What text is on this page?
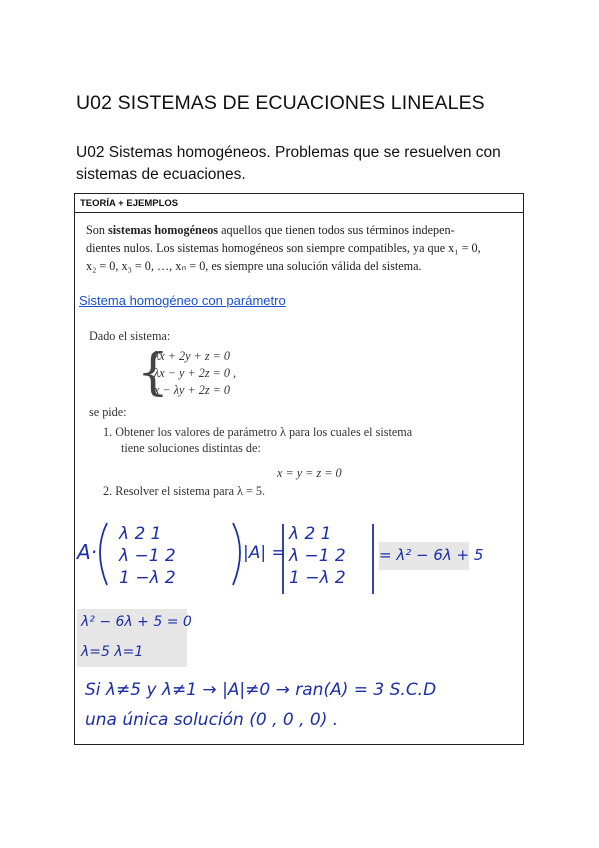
U02 SISTEMAS DE ECUACIONES LINEALES

U02 Sistemas homogéneos. Problemas que se resuelven con sistemas de ecuaciones.

TEORÍA + EJEMPLOS
Son sistemas homogéneos aquellos que tienen todos sus términos indepen-
dientes nulos. Los sistemas homogéneos son siempre compatibles, ya que x₁ = 0,
x₂ = 0, x₃ = 0, …, xₙ = 0, es siempre una solución válida del sistema.
Sistema homogéneo con parámetro
Dado el sistema:
{
λx + 2y + z = 0
λx − y + 2z = 0 ,
x − λy + 2z = 0
se pide:
1. Obtener los valores de parámetro λ para los cuales el sistema
tiene soluciones distintas de:
x = y = z = 0
2. Resolver el sistema para λ = 5.
A·
λ 2 1
λ −1 2
1 −λ 2
|A| =
λ 2 1
λ −1 2
1 −λ 2
= λ² − 6λ + 5
λ² − 6λ + 5 = 0
λ=5 λ=1
Si λ≠5 y λ≠1 → |A|≠0 → ran(A) = 3 S.C.D
una única solución (0 , 0 , 0) .
